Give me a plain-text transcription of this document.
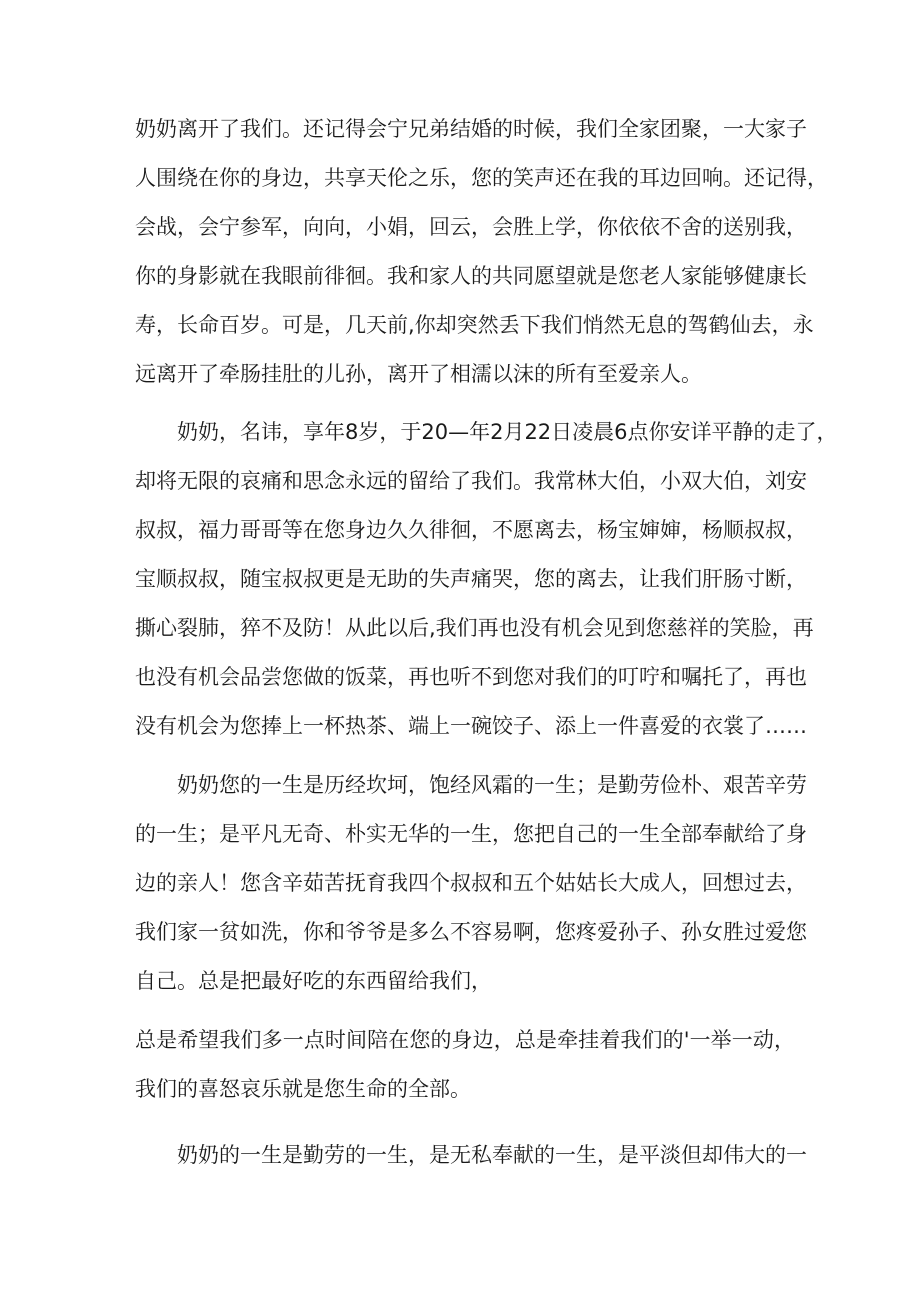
奶奶离开了我们。还记得会宁兄弟结婚的时候，我们全家团聚，一大家子
人围绕在你的身边，共享天伦之乐，您的笑声还在我的耳边回响。还记得，
会战，会宁参军，向向，小娟，回云，会胜上学，你依依不舍的送别我，
你的身影就在我眼前徘徊。我和家人的共同愿望就是您老人家能够健康长
寿，长命百岁。可是，几天前,你却突然丢下我们悄然无息的驾鹤仙去，永
远离开了牵肠挂肚的儿孙，离开了相濡以沫的所有至爱亲人。
奶奶，名讳，享年8岁，于20—年2月22日凌晨6点你安详平静的走了，
却将无限的哀痛和思念永远的留给了我们。我常林大伯，小双大伯，刘安
叔叔，福力哥哥等在您身边久久徘徊，不愿离去，杨宝婶婶，杨顺叔叔，
宝顺叔叔，随宝叔叔更是无助的失声痛哭，您的离去，让我们肝肠寸断，
撕心裂肺，猝不及防！从此以后,我们再也没有机会见到您慈祥的笑脸，再
也没有机会品尝您做的饭菜，再也听不到您对我们的叮咛和嘱托了，再也
没有机会为您捧上一杯热茶、端上一碗饺子、添上一件喜爱的衣裳了……
奶奶您的一生是历经坎坷，饱经风霜的一生；是勤劳俭朴、艰苦辛劳
的一生；是平凡无奇、朴实无华的一生，您把自己的一生全部奉献给了身
边的亲人！您含辛茹苦抚育我四个叔叔和五个姑姑长大成人，回想过去，
我们家一贫如洗，你和爷爷是多么不容易啊，您疼爱孙子、孙女胜过爱您
自己。总是把最好吃的东西留给我们，
总是希望我们多一点时间陪在您的身边，总是牵挂着我们的'一举一动，
我们的喜怒哀乐就是您生命的全部。
奶奶的一生是勤劳的一生，是无私奉献的一生，是平淡但却伟大的一
